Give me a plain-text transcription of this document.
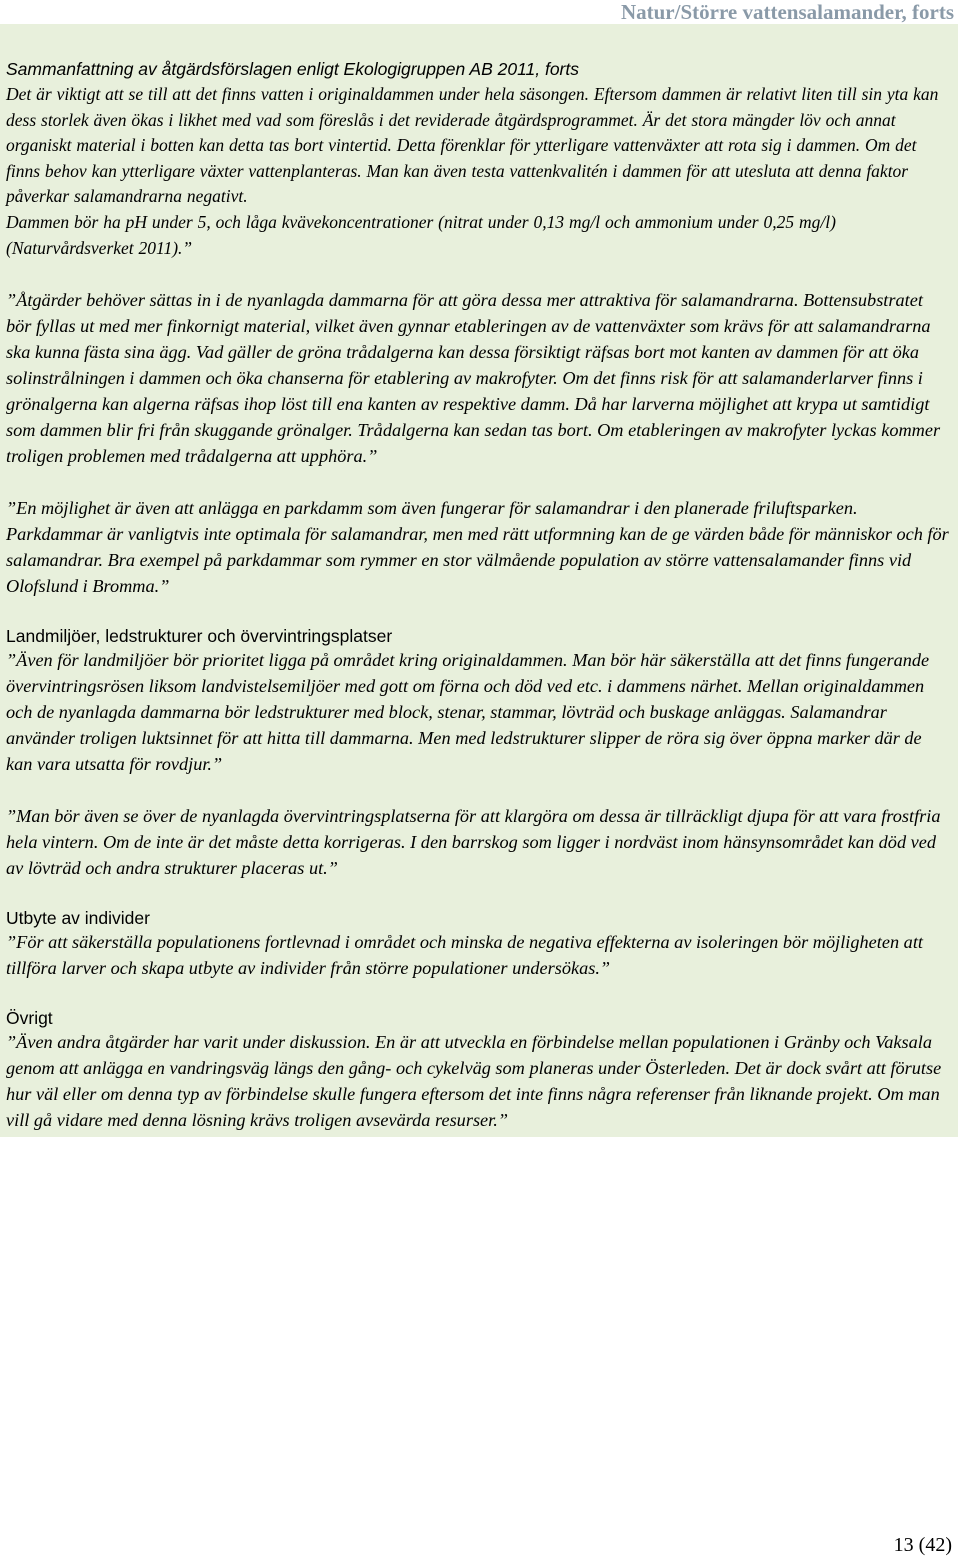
Natur/Större vattensalamander, forts

Sammanfattning av åtgärdsförslagen enligt Ekologigruppen AB 2011, forts

Det är viktigt att se till att det finns vatten i originaldammen under hela säsongen. Eftersom dammen är relativt liten till sin yta kan dess storlek även ökas i likhet med vad som föreslås i det reviderade åtgärdsprogrammet. Är det stora mängder löv och annat organiskt material i botten kan detta tas bort vintertid. Detta förenklar för ytterligare vattenväxter att rota sig i dammen. Om det finns behov kan ytterligare växter vattenplanteras. Man kan även testa vattenkvalitén i dammen för att utesluta att denna faktor påverkar salamandrarna negativt.

Dammen bör ha pH under 5, och låga kvävekoncentrationer (nitrat under 0,13 mg/l och ammonium under 0,25 mg/l) (Naturvårdsverket 2011).”

”Åtgärder behöver sättas in i de nyanlagda dammarna för att göra dessa mer attraktiva för salamandrarna. Bottensubstratet bör fyllas ut med mer finkornigt material, vilket även gynnar etableringen av de vattenväxter som krävs för att salamandrarna ska kunna fästa sina ägg. Vad gäller de gröna trådalgerna kan dessa försiktigt räfsas bort mot kanten av dammen för att öka solinstrålningen i dammen och öka chanserna för etablering av makrofyter. Om det finns risk för att salamanderlarver finns i grönalgerna kan algerna räfsas ihop löst till ena kanten av respektive damm. Då har larverna möjlighet att krypa ut samtidigt som dammen blir fri från skuggande grönalger. Trådalgerna kan sedan tas bort. Om etableringen av makrofyter lyckas kommer troligen problemen med trådalgerna att upphöra.”

”En möjlighet är även att anlägga en parkdamm som även fungerar för salamandrar i den planerade friluftsparken. Parkdammar är vanligtvis inte optimala för salamandrar, men med rätt utformning kan de ge värden både för människor och för salamandrar. Bra exempel på parkdammar som rymmer en stor välmående population av större vattensalamander finns vid Olofslund i Bromma.”

Landmiljöer, ledstrukturer och övervintringsplatser

”Även för landmiljöer bör prioritet ligga på området kring originaldammen. Man bör här säkerställa att det finns fungerande övervintringsrösen liksom landvistelsemiljöer med gott om förna och död ved etc. i dammens närhet. Mellan originaldammen och de nyanlagda dammarna bör ledstrukturer med block, stenar, stammar, lövträd och buskage anläggas. Salamandrar använder troligen luktsinnet för att hitta till dammarna. Men med ledstrukturer slipper de röra sig över öppna marker där de kan vara utsatta för rovdjur.”

”Man bör även se över de nyanlagda övervintringsplatserna för att klargöra om dessa är tillräckligt djupa för att vara frostfria hela vintern. Om de inte är det måste detta korrigeras. I den barrskog som ligger i nordväst inom hänsynsområdet kan död ved av lövträd och andra strukturer placeras ut.”

Utbyte av individer

”För att säkerställa populationens fortlevnad i området och minska de negativa effekterna av isoleringen bör möjligheten att tillföra larver och skapa utbyte av individer från större populationer undersökas.”

Övrigt

”Även andra åtgärder har varit under diskussion. En är att utveckla en förbindelse mellan populationen i Gränby och Vaksala genom att anlägga en vandringsväg längs den gång- och cykelväg som planeras under Österleden. Det är dock svårt att förutse hur väl eller om denna typ av förbindelse skulle fungera eftersom det inte finns några referenser från liknande projekt. Om man vill gå vidare med denna lösning krävs troligen avsevärda resurser.”

13 (42)
